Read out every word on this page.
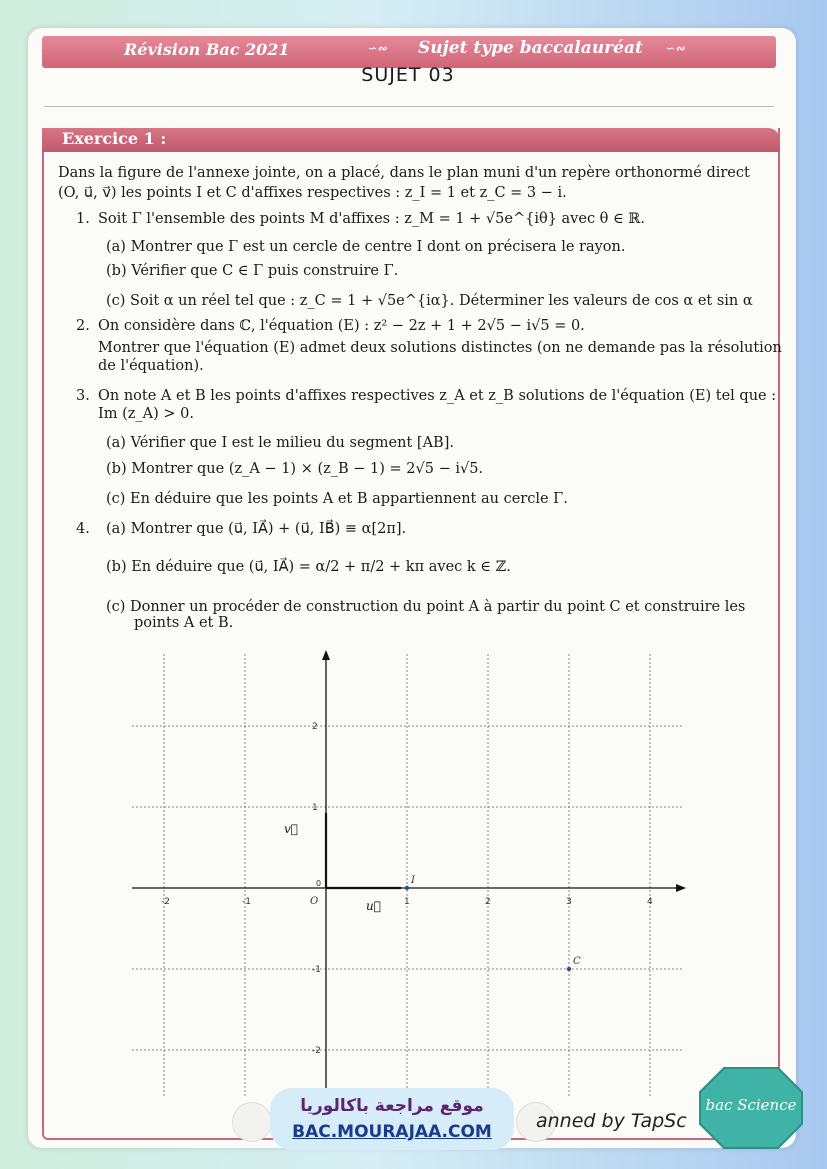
Révision Bac 2021	∽∾ Sujet type baccalauréat ∽∾
SUJET 03
Exercice 1 :
Dans la figure de l'annexe jointe, on a placé, dans le plan muni d'un repère orthonormé direct
(O, u⃗, v⃗) les points I et C d'affixes respectives : z_I = 1 et z_C = 3 − i.
1. Soit Γ l'ensemble des points M d'affixes : z_M = 1 + √5e^{iθ} avec θ ∈ ℝ.
(a) Montrer que Γ est un cercle de centre I dont on précisera le rayon.
(b) Vérifier que C ∈ Γ puis construire Γ.
(c) Soit α un réel tel que : z_C = 1 + √5e^{iα}. Déterminer les valeurs de cos α et sin α
2. On considère dans ℂ, l'équation (E) : z² − 2z + 1 + 2√5 − i√5 = 0.
Montrer que l'équation (E) admet deux solutions distinctes (on ne demande pas la résolution
de l'équation).
3. On note A et B les points d'affixes respectives z_A et z_B solutions de l'équation (E) tel que :
Im (z_A) > 0.
(a) Vérifier que I est le milieu du segment [AB].
(b) Montrer que (z_A − 1) × (z_B − 1) = 2√5 − i√5.
(c) En déduire que les points A et B appartiennent au cercle Γ.
4. (a) Montrer que (u⃗, IA⃗) + (u⃗, IB⃗) ≡ α[2π].
(b) En déduire que (u⃗, IA⃗) = α/2 + π/2 + kπ avec k ∈ ℤ.
(c) Donner un procéder de construction du point A à partir du point C et construire les
points A et B.
-2	-1	1	2	3	4
2
1
-1
-2
0
O	u⃗
v⃗
I
C
موقع مراجعة باكالوريا
BAC.MOURAJAA.COM	anned by TapSc
bac Science
